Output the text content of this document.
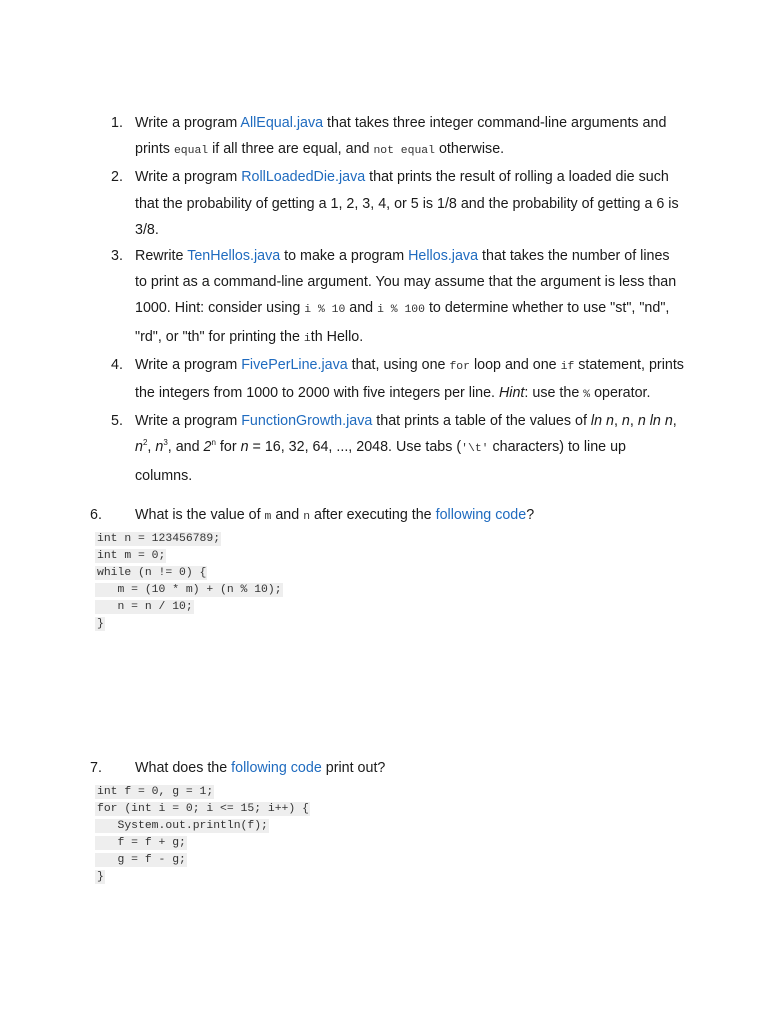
1. Write a program AllEqual.java that takes three integer command-line arguments and prints equal if all three are equal, and not equal otherwise.
2. Write a program RollLoadedDie.java that prints the result of rolling a loaded die such that the probability of getting a 1, 2, 3, 4, or 5 is 1/8 and the probability of getting a 6 is 3/8.
3. Rewrite TenHellos.java to make a program Hellos.java that takes the number of lines to print as a command-line argument. You may assume that the argument is less than 1000. Hint: consider using i % 10 and i % 100 to determine whether to use "st", "nd", "rd", or "th" for printing the ith Hello.
4. Write a program FivePerLine.java that, using one for loop and one if statement, prints the integers from 1000 to 2000 with five integers per line. Hint: use the % operator.
5. Write a program FunctionGrowth.java that prints a table of the values of ln n, n, n ln n, $n^2$, $n^3$, and 2$^n$ for n = 16, 32, 64, ..., 2048. Use tabs ('\t' characters) to line up columns.
6. What is the value of m and n after executing the following code?
int n = 123456789;
int m = 0;
while (n != 0) {
m = (10 * m) + (n % 10);
n = n / 10;
}
7. What does the following code print out?
int f = 0, g = 1;
for (int i = 0; i <= 15; i++) {
System.out.println(f);
f = f + g;
g = f - g;
}
